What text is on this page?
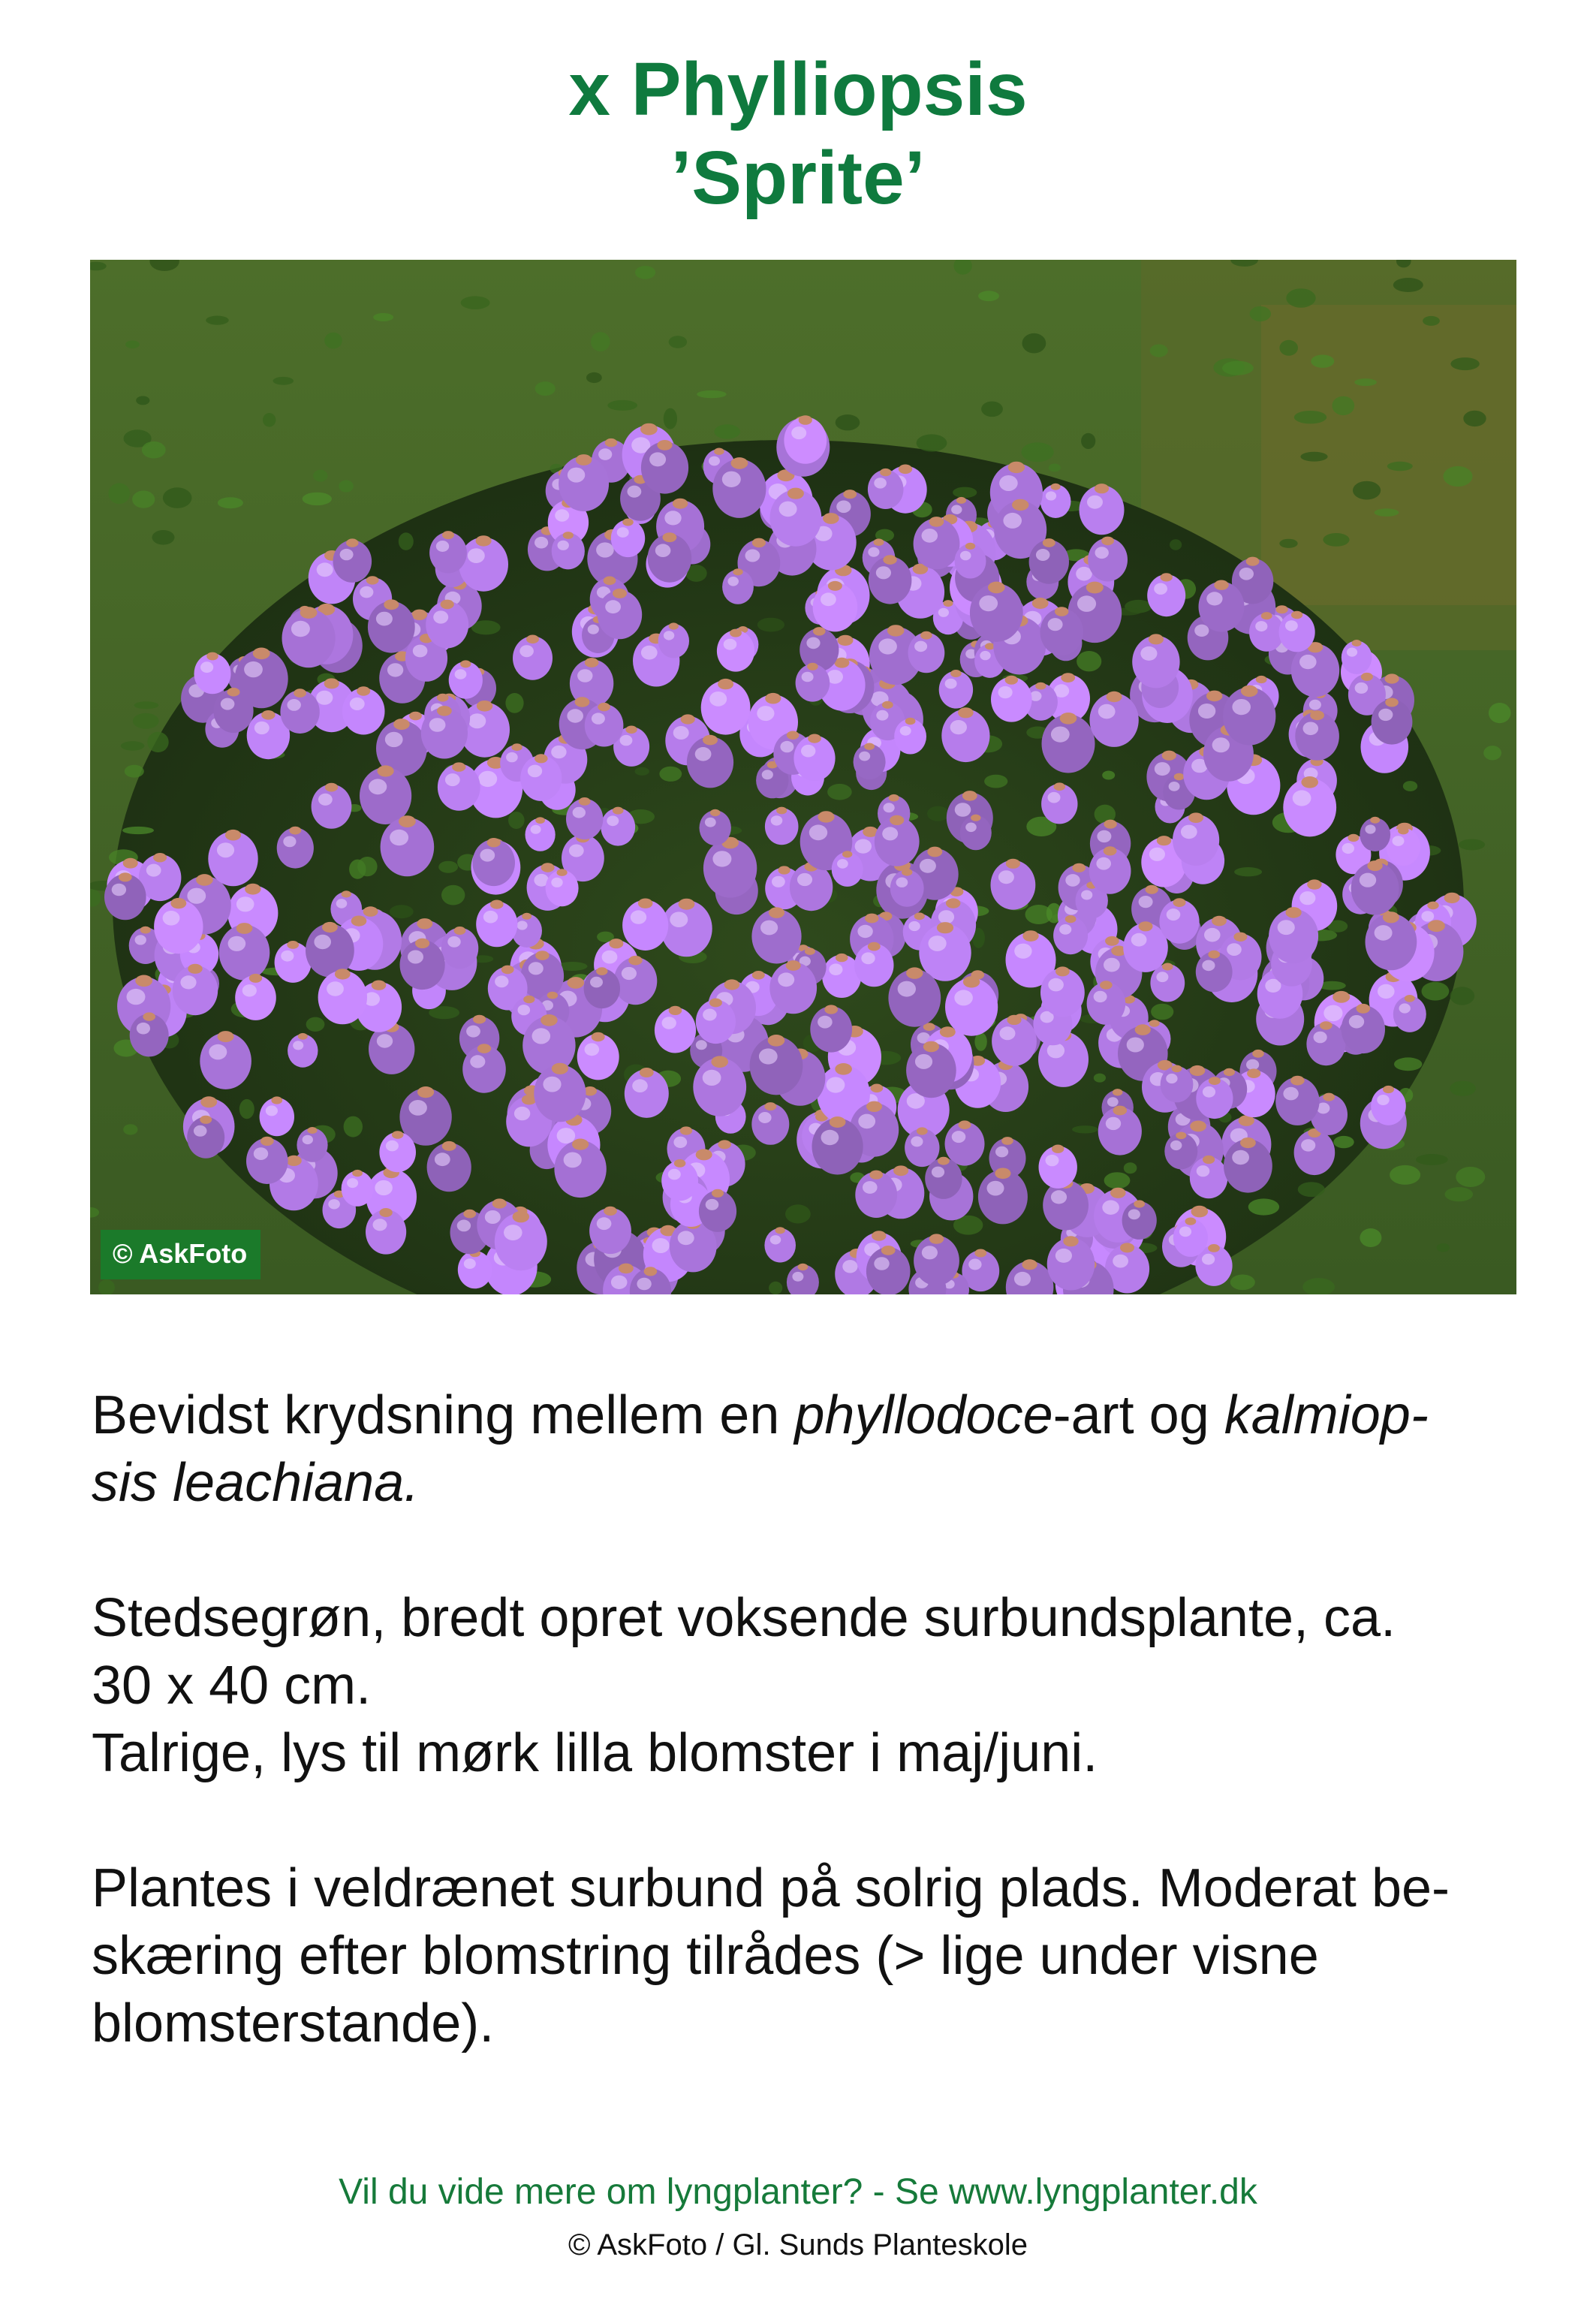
x Phylliopsis
’Sprite’
© AskFoto

Bevidst krydsning mellem en phyllodoce-art og kalmiop-
sis leachiana.

Stedsegrøn, bredt opret voksende surbundsplante, ca.
30 x 40 cm.
Talrige, lys til mørk lilla blomster i maj/juni.

Plantes i veldrænet surbund på solrig plads. Moderat be-
skæring efter blomstring tilrådes (> lige under visne
blomsterstande).

Vil du vide mere om lyngplanter? - Se www.lyngplanter.dk
© AskFoto / Gl. Sunds Planteskole
